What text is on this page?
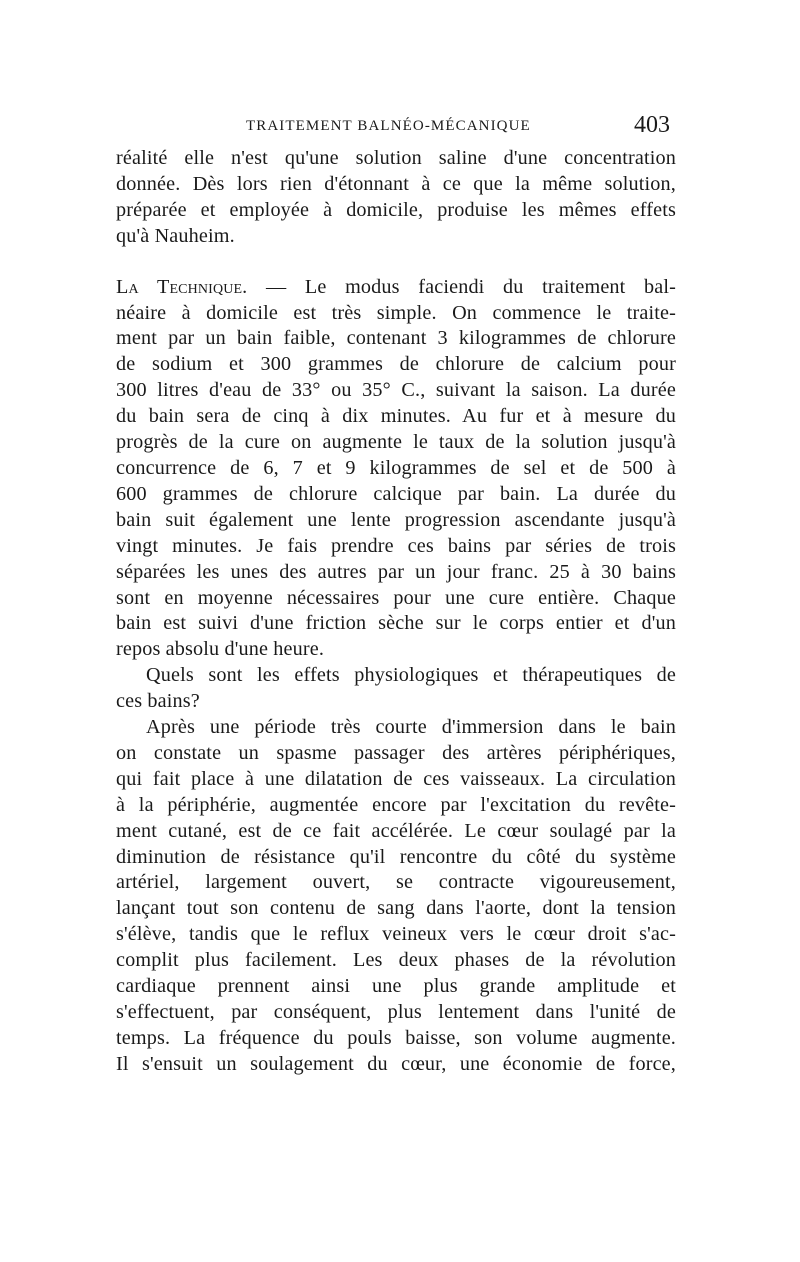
TRAITEMENT BALNÉO-MÉCANIQUE	403
réalité elle n'est qu'une solution saline d'une concentration
donnée. Dès lors rien d'étonnant à ce que la même solution,
préparée et employée à domicile, produise les mêmes effets
qu'à Nauheim.
La Technique. — Le modus faciendi du traitement bal-
néaire à domicile est très simple. On commence le traite-
ment par un bain faible, contenant 3 kilogrammes de chlorure
de sodium et 300 grammes de chlorure de calcium pour
300 litres d'eau de 33° ou 35° C., suivant la saison. La durée
du bain sera de cinq à dix minutes. Au fur et à mesure du
progrès de la cure on augmente le taux de la solution jusqu'à
concurrence de 6, 7 et 9 kilogrammes de sel et de 500 à
600 grammes de chlorure calcique par bain. La durée du
bain suit également une lente progression ascendante jusqu'à
vingt minutes. Je fais prendre ces bains par séries de trois
séparées les unes des autres par un jour franc. 25 à 30 bains
sont en moyenne nécessaires pour une cure entière. Chaque
bain est suivi d'une friction sèche sur le corps entier et d'un
repos absolu d'une heure.
Quels sont les effets physiologiques et thérapeutiques de
ces bains?
Après une période très courte d'immersion dans le bain
on constate un spasme passager des artères périphériques,
qui fait place à une dilatation de ces vaisseaux. La circulation
à la périphérie, augmentée encore par l'excitation du revête-
ment cutané, est de ce fait accélérée. Le cœur soulagé par la
diminution de résistance qu'il rencontre du côté du système
artériel, largement ouvert, se contracte vigoureusement,
lançant tout son contenu de sang dans l'aorte, dont la tension
s'élève, tandis que le reflux veineux vers le cœur droit s'ac-
complit plus facilement. Les deux phases de la révolution
cardiaque prennent ainsi une plus grande amplitude et
s'effectuent, par conséquent, plus lentement dans l'unité de
temps. La fréquence du pouls baisse, son volume augmente.
Il s'ensuit un soulagement du cœur, une économie de force,
